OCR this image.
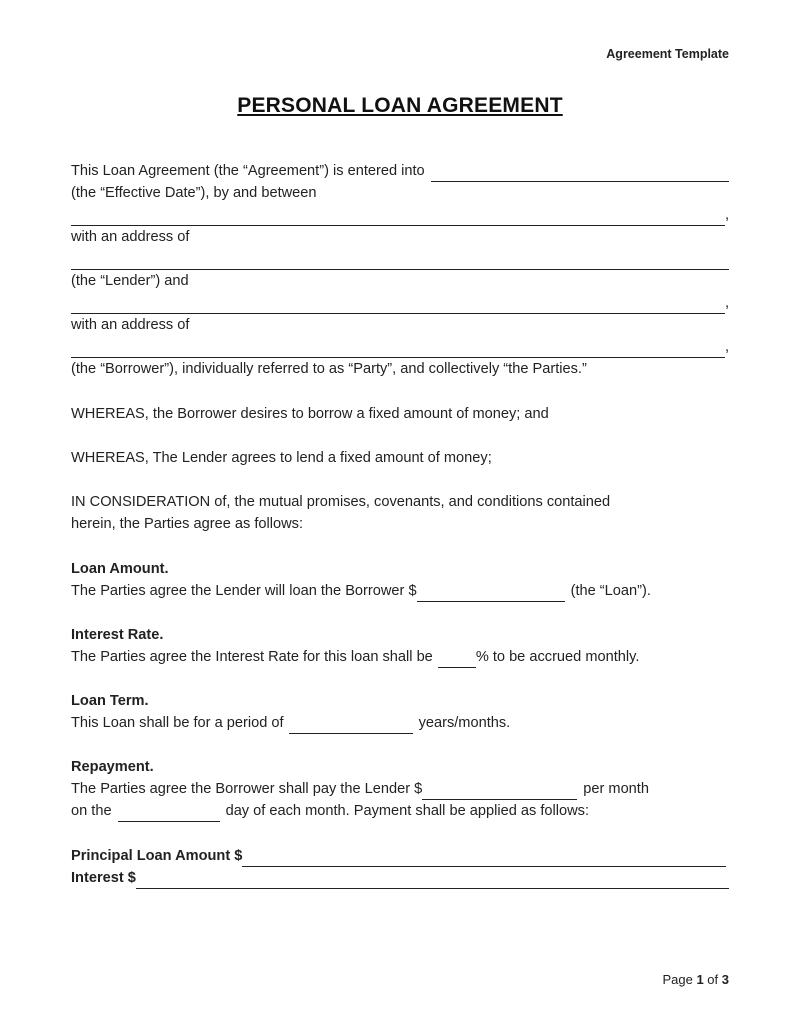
Agreement Template
PERSONAL LOAN AGREEMENT
This Loan Agreement (the “Agreement”) is entered into
(the “Effective Date”), by and between
,
with an address of
(the “Lender”) and
,
with an address of
,
(the “Borrower”), individually referred to as “Party”, and collectively “the Parties.”
WHEREAS, the Borrower desires to borrow a fixed amount of money; and
WHEREAS, The Lender agrees to lend a fixed amount of money;
IN CONSIDERATION of, the mutual promises, covenants, and conditions contained
herein, the Parties agree as follows:
Loan Amount.
The Parties agree the Lender will loan the Borrower $	(the “Loan”).
Interest Rate.
The Parties agree the Interest Rate for this loan shall be	% to be accrued monthly.
Loan Term.
This Loan shall be for a period of	years/months.
Repayment.
The Parties agree the Borrower shall pay the Lender $	per month
on the	day of each month. Payment shall be applied as follows:
Principal Loan Amount $
Interest $
Page 1 of 3
